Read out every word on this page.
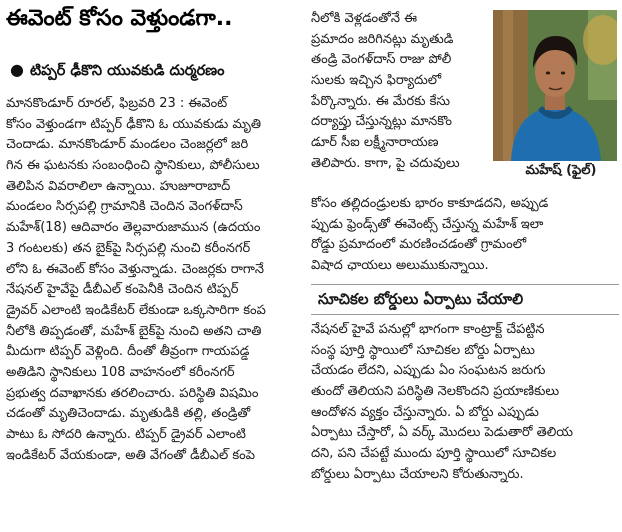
ఈవెంట్ కోసం వెళ్తుండగా..
● టిప్పర్ ఢీకొని యువకుడి దుర్మరణం
మానకొండూర్ రూరల్, ఫిబ్రవరి 23 : ఈవెంట్
కోసం వెళ్తుండగా టిప్పర్ ఢీకొని ఓ యువకుడు మృతి
చెందాడు. మానకొండూర్ మండలం చెంజర్లలో జరి
గిన ఈ ఘటనకు సంబంధించి స్థానికులు, పోలీసులు
తెలిపిన వివరాలిలా ఉన్నాయి. హుజూరాబాద్
మండలం సిర్సపల్లి గ్రామానికి చెందిన వెంగళ్‌దాస్
మహేశ్(18) ఆదివారం తెల్లవారుజామున (ఉదయం
3 గంటలకు) తన బైక్‌పై సిర్సపల్లి నుంచి కరీంనగర్
లోని ఓ ఈవెంట్ కోసం వెళ్తున్నాడు. చెంజర్లకు రాగానే
నేషనల్ హైవేపై డీబీఎల్ కంపెనీకి చెందిన టిప్పర్
డ్రైవర్ ఎలాంటి ఇండికేటర్ లేకుండా ఒక్కసారిగా కంప
నీలోకి తిప్పడంతో, మహేశ్ బైక్‌పై నుంచి అతని చాతి
మీదుగా టిప్పర్ వెళ్లింది. దీంతో తీవ్రంగా గాయపడ్డ
అతిడిని స్థానికులు 108 వాహనంలో కరీంనగర్
ప్రభుత్వ దవాఖానకు తరలించారు. పరిస్థితి విషమిం
చడంతో మృతిచెందాడు. మృతుడికి తల్లి, తండ్రితో
పాటు ఓ సోదరి ఉన్నారు. టిప్పర్ డ్రైవర్ ఎలాంటి
ఇండికేటర్ వేయకుండా, అతి వేగంతో డీబీఎల్ కంపె
నీలోకి వెళ్లడంతోనే ఈ
ప్రమాదం జరిగినట్లు మృతుడి
తండ్రి వెంగళ్‌దాస్ రాజు పోలీ
సులకు ఇచ్చిన ఫిర్యాదులో
పేర్కొన్నారు. ఈ మేరకు కేసు
దర్యాప్తు చేస్తున్నట్లు మానకొం
డూర్ సీఐ లక్ష్మీనారాయణ
తెలిపారు. కాగా, పై చదువులు	మహేష్ (ఫైల్)
కోసం తల్లిదండ్రులకు భారం కాకూడదని, అప్పుడ
ప్పుడు ఫ్రెండ్స్‌తో ఈవెంట్స్ చేస్తున్న మహేశ్ ఇలా
రోడ్డు ప్రమాదంలో మరణించడంతో గ్రామంలో
విషాద ఛాయలు అలుముకున్నాయి.
సూచికల బోర్డులు ఏర్పాటు చేయాలి
నేషనల్ హైవే పనుల్లో భాగంగా కాంట్రాక్ట్ చేపట్టిన
సంస్థ పూర్తి స్థాయిలో సూచికల బోర్డు ఏర్పాటు
చేయడం లేదని, ఎప్పుడు ఏం సంఘటన జరుగు
తుందో తెలియని పరిస్థితి నెలకొందని ప్రయాణికులు
ఆందోళన వ్యక్తం చేస్తున్నారు. ఏ బోర్డు ఎప్పుడు
ఏర్పాటు చేస్తారో, ఏ వర్క్ మొదలు పెడుతారో తెలియ
దని, పని చేపట్టే ముందు పూర్తి స్థాయిలో సూచికల
బోర్డులు ఏర్పాటు చేయాలని కోరుతున్నారు.
